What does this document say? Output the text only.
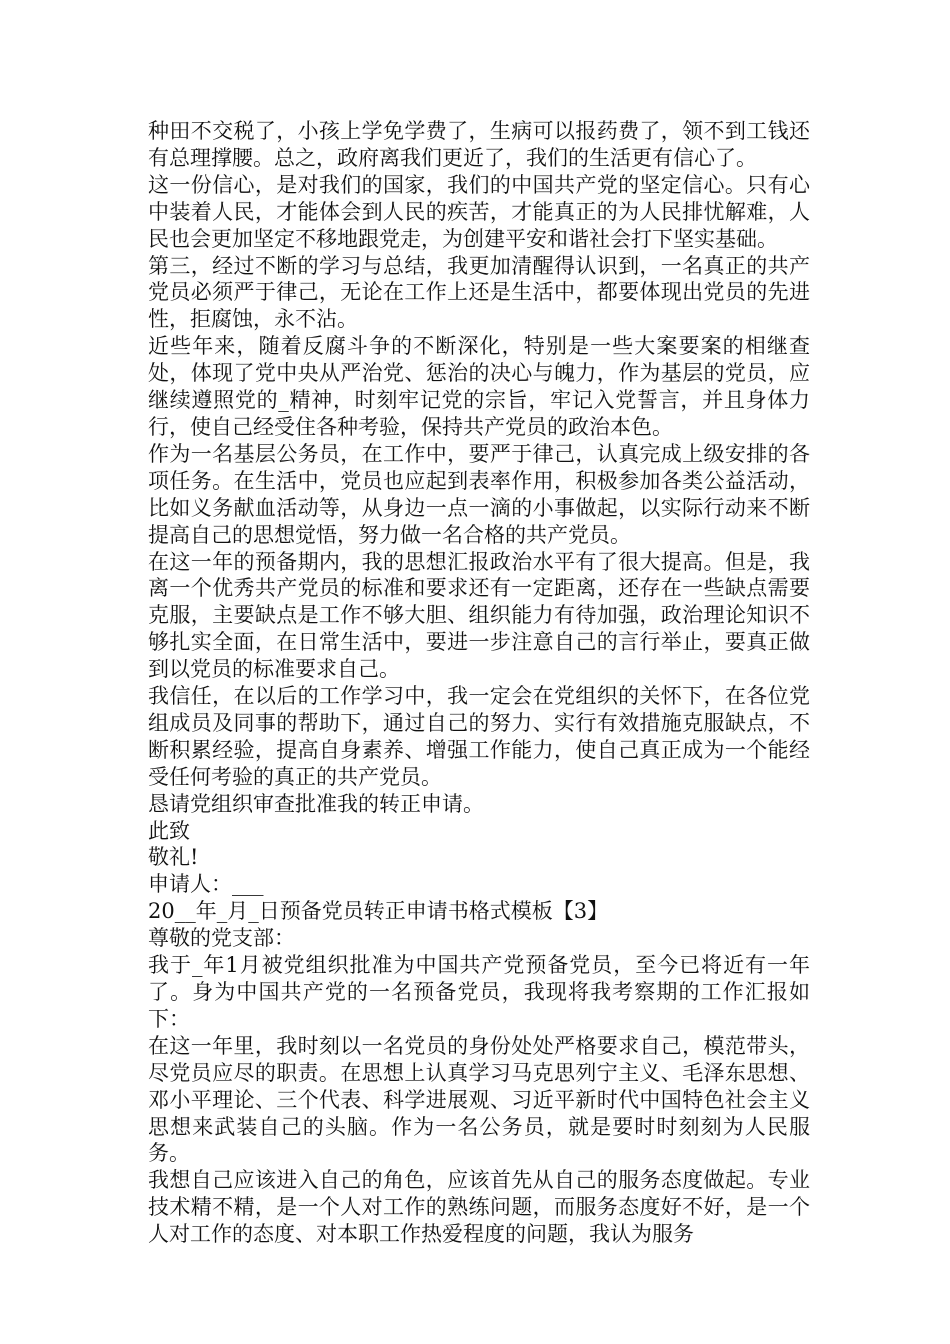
种田不交税了，小孩上学免学费了，生病可以报药费了，领不到工钱还有总理撑腰。总之，政府离我们更近了，我们的生活更有信心了。

这一份信心，是对我们的国家，我们的中国共产党的坚定信心。只有心中装着人民，才能体会到人民的疾苦，才能真正的为人民排忧解难，人民也会更加坚定不移地跟党走，为创建平安和谐社会打下坚实基础。

第三，经过不断的学习与总结，我更加清醒得认识到，一名真正的共产党员必须严于律己，无论在工作上还是生活中，都要体现出党员的先进性，拒腐蚀，永不沾。

近些年来，随着反腐斗争的不断深化，特别是一些大案要案的相继查处，体现了党中央从严治党、惩治的决心与魄力，作为基层的党员，应继续遵照党的_精神，时刻牢记党的宗旨，牢记入党誓言，并且身体力行，使自己经受住各种考验，保持共产党员的政治本色。

作为一名基层公务员，在工作中，要严于律己，认真完成上级安排的各项任务。在生活中，党员也应起到表率作用，积极参加各类公益活动，比如义务献血活动等，从身边一点一滴的小事做起，以实际行动来不断提高自己的思想觉悟，努力做一名合格的共产党员。

在这一年的预备期内，我的思想汇报政治水平有了很大提高。但是，我离一个优秀共产党员的标准和要求还有一定距离，还存在一些缺点需要克服，主要缺点是工作不够大胆、组织能力有待加强，政治理论知识不够扎实全面，在日常生活中，要进一步注意自己的言行举止，要真正做到以党员的标准要求自己。

我信任，在以后的工作学习中，我一定会在党组织的关怀下，在各位党组成员及同事的帮助下，通过自己的努力、实行有效措施克服缺点，不断积累经验，提高自身素养、增强工作能力，使自己真正成为一个能经受任何考验的真正的共产党员。

恳请党组织审查批准我的转正申请。

此致

敬礼!

申请人：___

20__年_月_日预备党员转正申请书格式模板【3】

尊敬的党支部：

我于_年1月被党组织批准为中国共产党预备党员，至今已将近有一年了。身为中国共产党的一名预备党员，我现将我考察期的工作汇报如下：

在这一年里，我时刻以一名党员的身份处处严格要求自己，模范带头，尽党员应尽的职责。在思想上认真学习马克思列宁主义、毛泽东思想、邓小平理论、三个代表、科学进展观、习近平新时代中国特色社会主义思想来武装自己的头脑。作为一名公务员，就是要时时刻刻为人民服务。

我想自己应该进入自己的角色，应该首先从自己的服务态度做起。专业技术精不精，是一个人对工作的熟练问题，而服务态度好不好，是一个人对工作的态度、对本职工作热爱程度的问题，我认为服务
